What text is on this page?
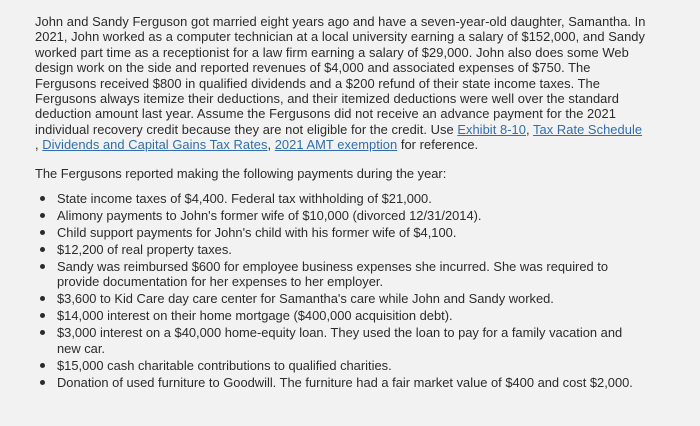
John and Sandy Ferguson got married eight years ago and have a seven-year-old daughter, Samantha. In
2021, John worked as a computer technician at a local university earning a salary of $152,000, and Sandy
worked part time as a receptionist for a law firm earning a salary of $29,000. John also does some Web
design work on the side and reported revenues of $4,000 and associated expenses of $750. The
Fergusons received $800 in qualified dividends and a $200 refund of their state income taxes. The
Fergusons always itemize their deductions, and their itemized deductions were well over the standard
deduction amount last year. Assume the Fergusons did not receive an advance payment for the 2021
individual recovery credit because they are not eligible for the credit. Use Exhibit 8-10, Tax Rate Schedule
, Dividends and Capital Gains Tax Rates, 2021 AMT exemption for reference.

The Fergusons reported making the following payments during the year:

State income taxes of $4,400. Federal tax withholding of $21,000.
Alimony payments to John's former wife of $10,000 (divorced 12/31/2014).
Child support payments for John's child with his former wife of $4,100.
$12,200 of real property taxes.
Sandy was reimbursed $600 for employee business expenses she incurred. She was required to
provide documentation for her expenses to her employer.
$3,600 to Kid Care day care center for Samantha's care while John and Sandy worked.
$14,000 interest on their home mortgage ($400,000 acquisition debt).
$3,000 interest on a $40,000 home-equity loan. They used the loan to pay for a family vacation and
new car.
$15,000 cash charitable contributions to qualified charities.
Donation of used furniture to Goodwill. The furniture had a fair market value of $400 and cost $2,000.
